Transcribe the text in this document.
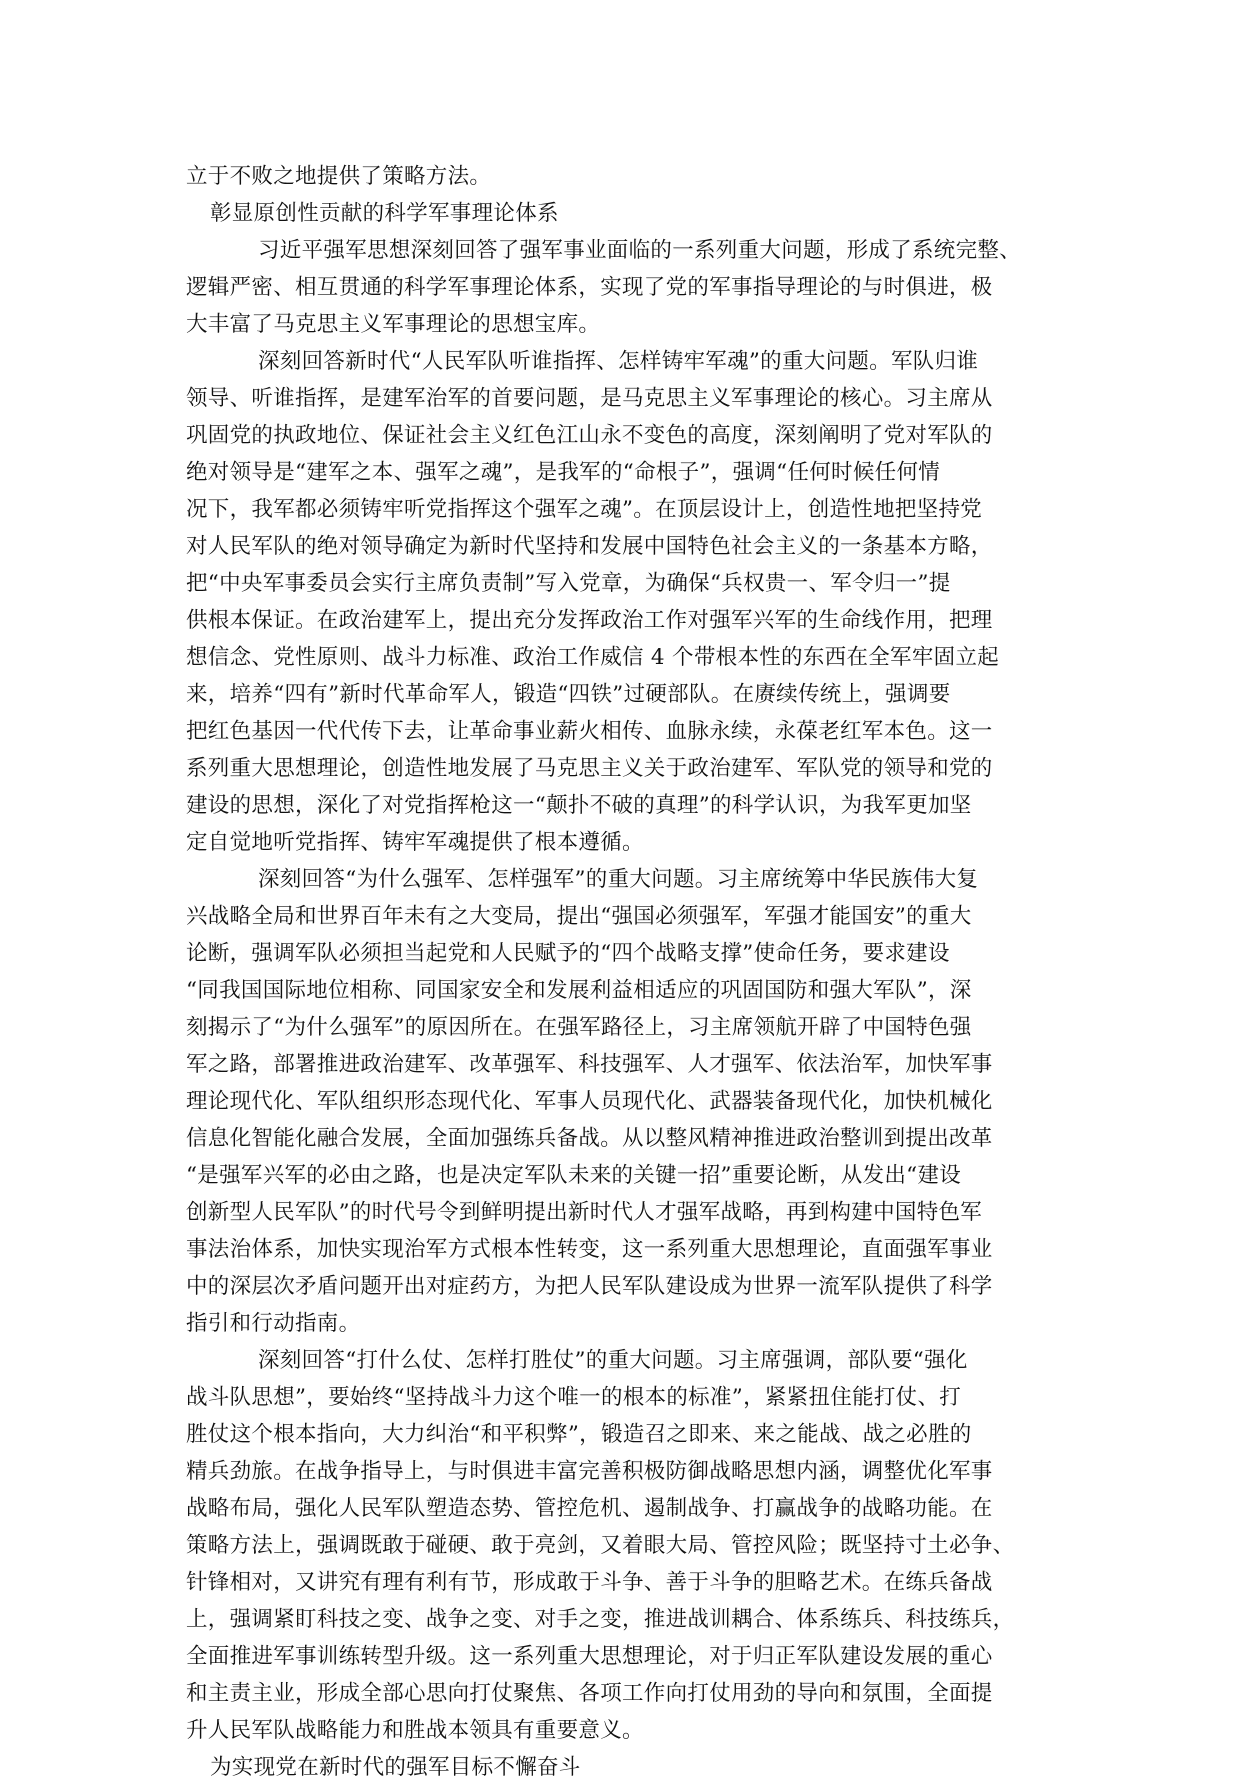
立于不败之地提供了策略方法。
彰显原创性贡献的科学军事理论体系
习近平强军思想深刻回答了强军事业面临的一系列重大问题，形成了系统完整、
逻辑严密、相互贯通的科学军事理论体系，实现了党的军事指导理论的与时俱进，极
大丰富了马克思主义军事理论的思想宝库。
深刻回答新时代“人民军队听谁指挥、怎样铸牢军魂”的重大问题。军队归谁
领导、听谁指挥，是建军治军的首要问题，是马克思主义军事理论的核心。习主席从
巩固党的执政地位、保证社会主义红色江山永不变色的高度，深刻阐明了党对军队的
绝对领导是“建军之本、强军之魂”，是我军的“命根子”，强调“任何时候任何情
况下，我军都必须铸牢听党指挥这个强军之魂”。在顶层设计上，创造性地把坚持党
对人民军队的绝对领导确定为新时代坚持和发展中国特色社会主义的一条基本方略，
把“中央军事委员会实行主席负责制”写入党章，为确保“兵权贵一、军令归一”提
供根本保证。在政治建军上，提出充分发挥政治工作对强军兴军的生命线作用，把理
想信念、党性原则、战斗力标准、政治工作威信 4 个带根本性的东西在全军牢固立起
来，培养“四有”新时代革命军人，锻造“四铁”过硬部队。在赓续传统上，强调要
把红色基因一代代传下去，让革命事业薪火相传、血脉永续，永葆老红军本色。这一
系列重大思想理论，创造性地发展了马克思主义关于政治建军、军队党的领导和党的
建设的思想，深化了对党指挥枪这一“颠扑不破的真理”的科学认识，为我军更加坚
定自觉地听党指挥、铸牢军魂提供了根本遵循。
深刻回答“为什么强军、怎样强军”的重大问题。习主席统筹中华民族伟大复
兴战略全局和世界百年未有之大变局，提出“强国必须强军，军强才能国安”的重大
论断，强调军队必须担当起党和人民赋予的“四个战略支撑”使命任务，要求建设
“同我国国际地位相称、同国家安全和发展利益相适应的巩固国防和强大军队”，深
刻揭示了“为什么强军”的原因所在。在强军路径上，习主席领航开辟了中国特色强
军之路，部署推进政治建军、改革强军、科技强军、人才强军、依法治军，加快军事
理论现代化、军队组织形态现代化、军事人员现代化、武器装备现代化，加快机械化
信息化智能化融合发展，全面加强练兵备战。从以整风精神推进政治整训到提出改革
“是强军兴军的必由之路，也是决定军队未来的关键一招”重要论断，从发出“建设
创新型人民军队”的时代号令到鲜明提出新时代人才强军战略，再到构建中国特色军
事法治体系，加快实现治军方式根本性转变，这一系列重大思想理论，直面强军事业
中的深层次矛盾问题开出对症药方，为把人民军队建设成为世界一流军队提供了科学
指引和行动指南。
深刻回答“打什么仗、怎样打胜仗”的重大问题。习主席强调，部队要“强化
战斗队思想”，要始终“坚持战斗力这个唯一的根本的标准”，紧紧扭住能打仗、打
胜仗这个根本指向，大力纠治“和平积弊”，锻造召之即来、来之能战、战之必胜的
精兵劲旅。在战争指导上，与时俱进丰富完善积极防御战略思想内涵，调整优化军事
战略布局，强化人民军队塑造态势、管控危机、遏制战争、打赢战争的战略功能。在
策略方法上，强调既敢于碰硬、敢于亮剑，又着眼大局、管控风险；既坚持寸土必争、
针锋相对，又讲究有理有利有节，形成敢于斗争、善于斗争的胆略艺术。在练兵备战
上，强调紧盯科技之变、战争之变、对手之变，推进战训耦合、体系练兵、科技练兵，
全面推进军事训练转型升级。这一系列重大思想理论，对于归正军队建设发展的重心
和主责主业，形成全部心思向打仗聚焦、各项工作向打仗用劲的导向和氛围，全面提
升人民军队战略能力和胜战本领具有重要意义。
为实现党在新时代的强军目标不懈奋斗
